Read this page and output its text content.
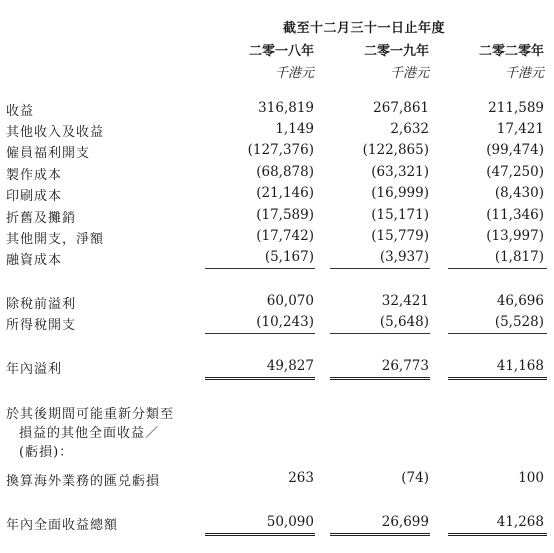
截至十二月三十一日止年度
二零一八年	二零一九年	二零二零年
千港元	千港元	千港元
收益	316,819	267,861	211,589
其他收入及收益	1,149	2,632	17,421
僱員福利開支	(127,376)	(122,865)	(99,474)
製作成本	(68,878)	(63,321)	(47,250)
印刷成本	(21,146)	(16,999)	(8,430)
折舊及攤銷	(17,589)	(15,171)	(11,346)
其他開支，淨額	(17,742)	(15,779)	(13,997)
融資成本	(5,167)	(3,937)	(1,817)
除稅前溢利	60,070	32,421	46,696
所得稅開支	(10,243)	(5,648)	(5,528)
年內溢利	49,827	26,773	41,168
於其後期間可能重新分類至
損益的其他全面收益／
(虧損)：
換算海外業務的匯兑虧損	263	(74)	100
年內全面收益總額	50,090	26,699	41,268
